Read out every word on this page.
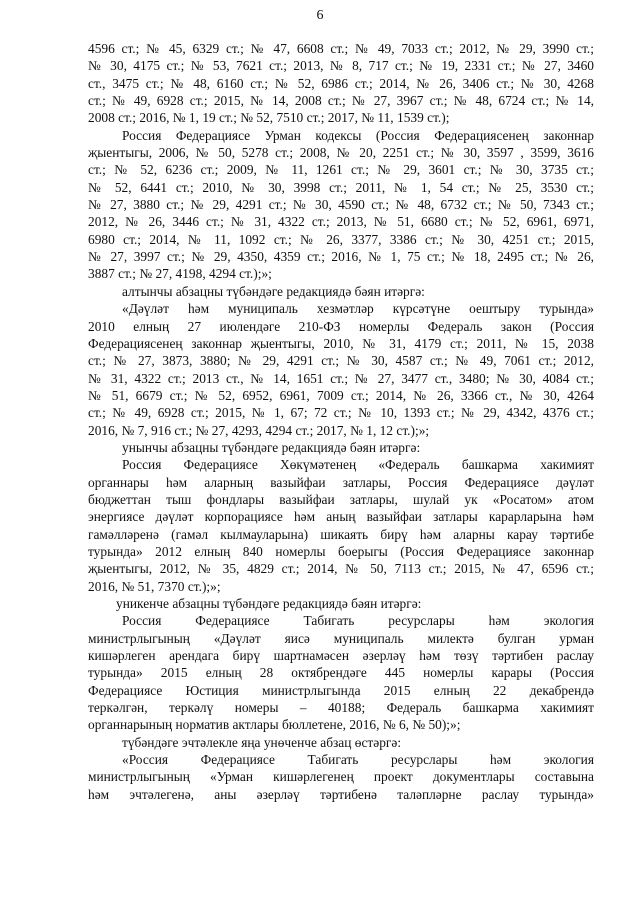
6
4596 ст.; № 45, 6329 ст.; № 47, 6608 ст.; № 49, 7033 ст.; 2012, № 29, 3990 ст.;
№ 30, 4175 ст.; № 53, 7621 ст.; 2013, № 8, 717 ст.; № 19, 2331 ст.; № 27, 3460
ст., 3475 ст.; № 48, 6160 ст.; № 52, 6986 ст.; 2014, № 26, 3406 ст.; № 30, 4268
ст.; № 49, 6928 ст.; 2015, № 14, 2008 ст.; № 27, 3967 ст.; № 48, 6724 ст.; № 14,
2008 ст.; 2016, № 1, 19 ст.; № 52, 7510 ст.; 2017, № 11, 1539 ст.);
Россия Федерациясе Урман кодексы (Россия Федерациясенең законнар
җыентыгы, 2006, № 50, 5278 ст.; 2008, № 20, 2251 ст.; № 30, 3597 , 3599, 3616
ст.; № 52, 6236 ст.; 2009, № 11, 1261 ст.; № 29, 3601 ст.; № 30, 3735 ст.;
№ 52, 6441 ст.; 2010, № 30, 3998 ст.; 2011, № 1, 54 ст.; № 25, 3530 ст.;
№ 27, 3880 ст.; № 29, 4291 ст.; № 30, 4590 ст.; № 48, 6732 ст.; № 50, 7343 ст.;
2012, № 26, 3446 ст.; № 31, 4322 ст.; 2013, № 51, 6680 ст.; № 52, 6961, 6971,
6980 ст.; 2014, № 11, 1092 ст.; № 26, 3377, 3386 ст.; № 30, 4251 ст.; 2015,
№ 27, 3997 ст.; № 29, 4350, 4359 ст.; 2016, № 1, 75 ст.; № 18, 2495 ст.; № 26,
3887 ст.; № 27, 4198, 4294 ст.);»;
алтынчы абзацны түбәндәге редакциядә бәян итәргә:
«Дәүләт һәм муниципаль хезмәтләр күрсәтүне оештыру турында»
2010 елның 27 июлендәге 210-ФЗ номерлы Федераль закон (Россия
Федерациясенең законнар җыентыгы, 2010, № 31, 4179 ст.; 2011, № 15, 2038
ст.; № 27, 3873, 3880; № 29, 4291 ст.; № 30, 4587 ст.; № 49, 7061 ст.; 2012,
№ 31, 4322 ст.; 2013 ст., № 14, 1651 ст.; № 27, 3477 ст., 3480; № 30, 4084 ст.;
№ 51, 6679 ст.; № 52, 6952, 6961, 7009 ст.; 2014, № 26, 3366 ст., № 30, 4264
ст.; № 49, 6928 ст.; 2015, № 1, 67; 72 ст.; № 10, 1393 ст.; № 29, 4342, 4376 ст.;
2016, № 7, 916 ст.; № 27, 4293, 4294 ст.; 2017, № 1, 12 ст.);»;
унынчы абзацны түбәндәге редакциядә бәян итәргә:
Россия Федерациясе Хөкүмәтенең «Федераль башкарма хакимият
органнары һәм аларның вазыйфаи затлары, Россия Федерациясе дәүләт
бюджеттан тыш фондлары вазыйфаи затлары, шулай ук «Росатом» атом
энергиясе дәүләт корпорациясе һәм аның вазыйфаи затлары карарларына һәм
гамәлләренә (гамәл кылмауларына) шикаять бирү һәм аларны карау тәртибе
турында» 2012 елның 840 номерлы боерыгы (Россия Федерациясе законнар
җыентыгы, 2012, № 35, 4829 ст.; 2014, № 50, 7113 ст.; 2015, № 47, 6596 ст.;
2016, № 51, 7370 ст.);»;
уникенче абзацны түбәндәге редакциядә бәян итәргә:
Россия Федерациясе Табигать ресурслары һәм экология
министрлыгының «Дәүләт яисә муниципаль милектә булган урман
кишәрлеген арендага бирү шартнамәсен әзерләү һәм төзү тәртибен раслау
турында» 2015 елның 28 октябрендәге 445 номерлы карары (Россия
Федерациясе Юстиция министрлыгында 2015 елның 22 декабрендә
теркәлгән, теркәлү номеры – 40188; Федераль башкарма хакимият
органнарының норматив актлары бюллетене, 2016, № 6, № 50);»;
түбәндәге эчтәлекле яңа унөченче абзац өстәргә:
«Россия Федерациясе Табигать ресурслары һәм экология
министрлыгының «Урман кишәрлегенең проект документлары составына
һәм эчтәлегенә, аны әзерләү тәртибенә таләпләрне раслау турында»
